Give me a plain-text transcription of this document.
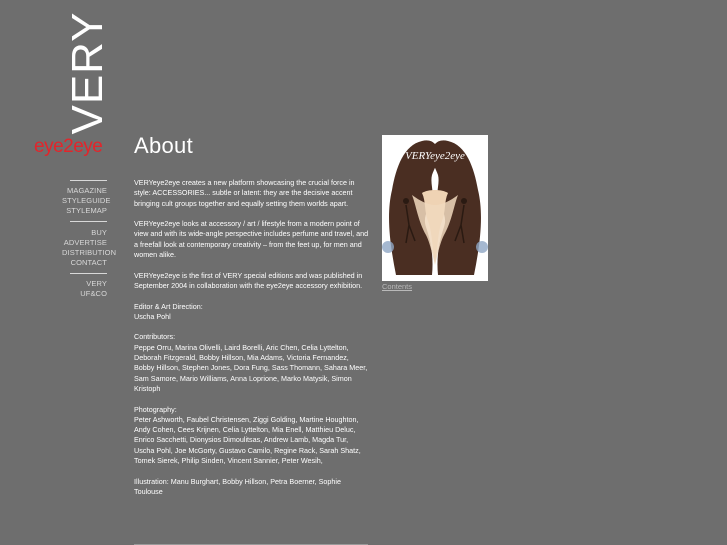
VERY
eye2eye
MAGAZINE
STYLEGUIDE
STYLEMAP
BUY
ADVERTISE
DISTRIBUTION
CONTACT
VERY
UF&CO
About

VERYeye2eye creates a new platform showcasing the crucial force in style: ACCESSORIES... subtle or latent: they are the decisive accent bringing cult groups together and equally setting them worlds apart.

VERYeye2eye looks at accessory / art / lifestyle from a modern point of view and with its wide-angle perspective includes perfume and travel, and a freefall look at contemporary creativity – from the feet up, for men and women alike.

VERYeye2eye is the first of VERY special editions and was published in September 2004 in collaboration with the eye2eye accessory exhibition.

Editor & Art Direction:
Uscha Pohl
Contributors:
Peppe Orru, Marina Olivelli, Laird Borelli, Aric Chen, Celia Lyttelton, Deborah Fitzgerald, Bobby Hillson, Mia Adams, Victoria Fernandez, Bobby Hillson, Stephen Jones, Dora Fung, Sass Thomann, Sahara Meer, Sam Samore, Mario Williams, Anna Loprione, Marko Matysik, Simon Kristoph
Photography:
Peter Ashworth, Faubel Christensen, Ziggi Golding, Martine Houghton, Andy Cohen, Cees Krijnen, Celia Lyttelton, Mia Enell, Matthieu Deluc, Enrico Sacchetti, Dionysios Dimoulitsas, Andrew Lamb, Magda Tur, Uscha Pohl, Joe McGorty, Gustavo Camilo, Regine Rack, Sarah Shatz, Tomek Sierek, Philip Sinden, Vincent Sannier, Peter Wesih,
Illustration: Manu Burghart, Bobby Hillson, Petra Boerner, Sophie Toulouse
VERYeye2eye
Contents
